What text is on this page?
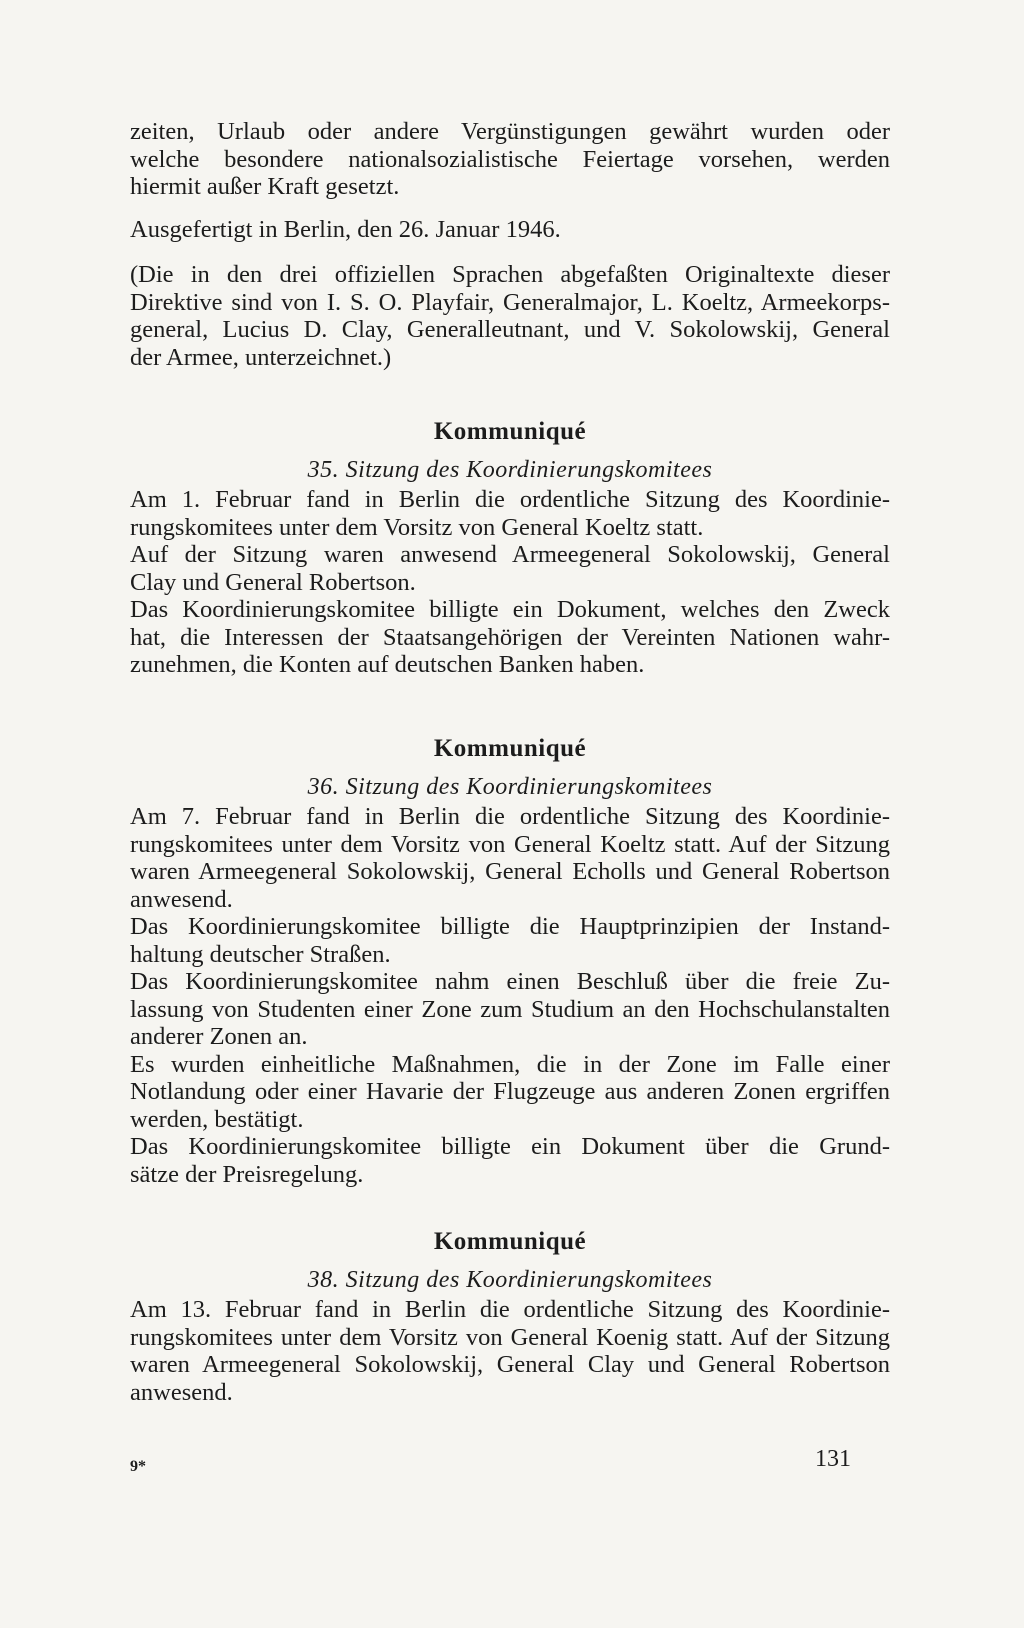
zeiten, Urlaub oder andere Vergünstigungen gewährt wurden oder
welche besondere nationalsozialistische Feiertage vorsehen, werden
hiermit außer Kraft gesetzt.

Ausgefertigt in Berlin, den 26. Januar 1946.

(Die in den drei offiziellen Sprachen abgefaßten Originaltexte dieser
Direktive sind von I. S. O. Playfair, Generalmajor, L. Koeltz, Armeekorps-
general, Lucius D. Clay, Generalleutnant, und V. Sokolowskij, General
der Armee, unterzeichnet.)

Kommuniqué
35. Sitzung des Koordinierungskomitees

Am 1. Februar fand in Berlin die ordentliche Sitzung des Koordinie-
rungskomitees unter dem Vorsitz von General Koeltz statt.

Auf der Sitzung waren anwesend Armeegeneral Sokolowskij, General
Clay und General Robertson.

Das Koordinierungskomitee billigte ein Dokument, welches den Zweck
hat, die Interessen der Staatsangehörigen der Vereinten Nationen wahr-
zunehmen, die Konten auf deutschen Banken haben.

Kommuniqué
36. Sitzung des Koordinierungskomitees

Am 7. Februar fand in Berlin die ordentliche Sitzung des Koordinie-
rungskomitees unter dem Vorsitz von General Koeltz statt. Auf der Sitzung
waren Armeegeneral Sokolowskij, General Echolls und General Robertson
anwesend.

Das Koordinierungskomitee billigte die Hauptprinzipien der Instand-
haltung deutscher Straßen.

Das Koordinierungskomitee nahm einen Beschluß über die freie Zu-
lassung von Studenten einer Zone zum Studium an den Hochschulanstalten
anderer Zonen an.

Es wurden einheitliche Maßnahmen, die in der Zone im Falle einer
Notlandung oder einer Havarie der Flugzeuge aus anderen Zonen ergriffen
werden, bestätigt.

Das Koordinierungskomitee billigte ein Dokument über die Grund-
sätze der Preisregelung.

Kommuniqué
38. Sitzung des Koordinierungskomitees

Am 13. Februar fand in Berlin die ordentliche Sitzung des Koordinie-
rungskomitees unter dem Vorsitz von General Koenig statt. Auf der Sitzung
waren Armeegeneral Sokolowskij, General Clay und General Robertson
anwesend.

9*	131
